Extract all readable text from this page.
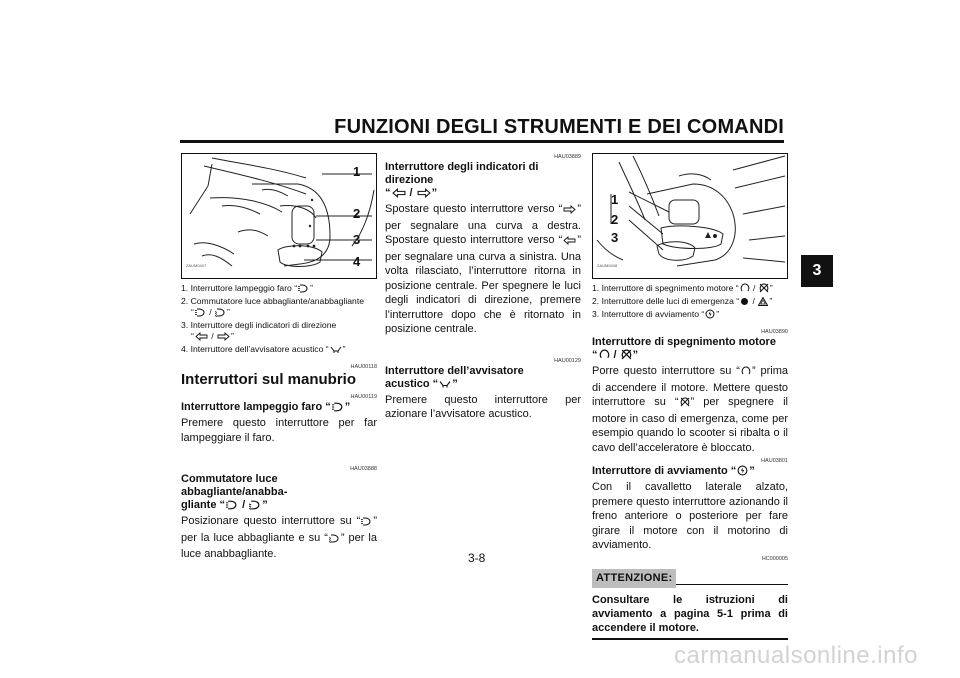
FUNZIONI DEGLI STRUMENTI E DEI COMANDI
3
1
2
3
4
ZAUM0407
1. Interruttore lampeggio faro “ ”
2. Commutatore luce abbagliante/anabbagliante
“ / ”
3. Interruttore degli indicatori di direzione
“ / ”
4. Interruttore dell’avvisatore acustico “ ”
HAU00118
Interruttori sul manubrio
HAU00119
Interruttore lampeggio faro “ ”
Premere questo interruttore per far lampeggiare il faro.
HAU03888
Commutatore luce abbagliante/anabba-
gliante “ / ”
Posizionare questo interruttore su “ ” per la luce abbagliante e su “ ” per la luce anabbagliante.
HAU03889
Interruttore degli indicatori di direzione
“ / ”
Spostare questo interruttore verso “ ” per segnalare una curva a destra. Spostare questo interruttore verso “ ” per segnalare una curva a sinistra. Una volta rilasciato, l’interruttore ritorna in posizione centrale. Per spegnere le luci degli indicatori di direzione, premere l’interruttore dopo che è ritornato in posizione centrale.
HAU00129
Interruttore dell’avvisatore
acustico “ ”
Premere questo interruttore per azionare l’avvisatore acustico.
1
2
3
ZAUM0408
1. Interruttore di spegnimento motore “ / ”
2. Interruttore delle luci di emergenza “ / ”
3. Interruttore di avviamento “ ”
HAU03890
Interruttore di spegnimento motore
“ / ”
Porre questo interruttore su “ ” prima di accendere il motore. Mettere questo interruttore su “ ” per spegnere il motore in caso di emergenza, come per esempio quando lo scooter si ribalta o il cavo dell’acceleratore è bloccato.
HAU03801
Interruttore di avviamento “ ”
Con il cavalletto laterale alzato, premere questo interruttore azionando il freno anteriore o posteriore per fare girare il motore con il motorino di avviamento.
HC000005
ATTENZIONE:
Consultare le istruzioni di avviamento a pagina 5-1 prima di accendere il motore.
3-8
carmanualsonline.info
